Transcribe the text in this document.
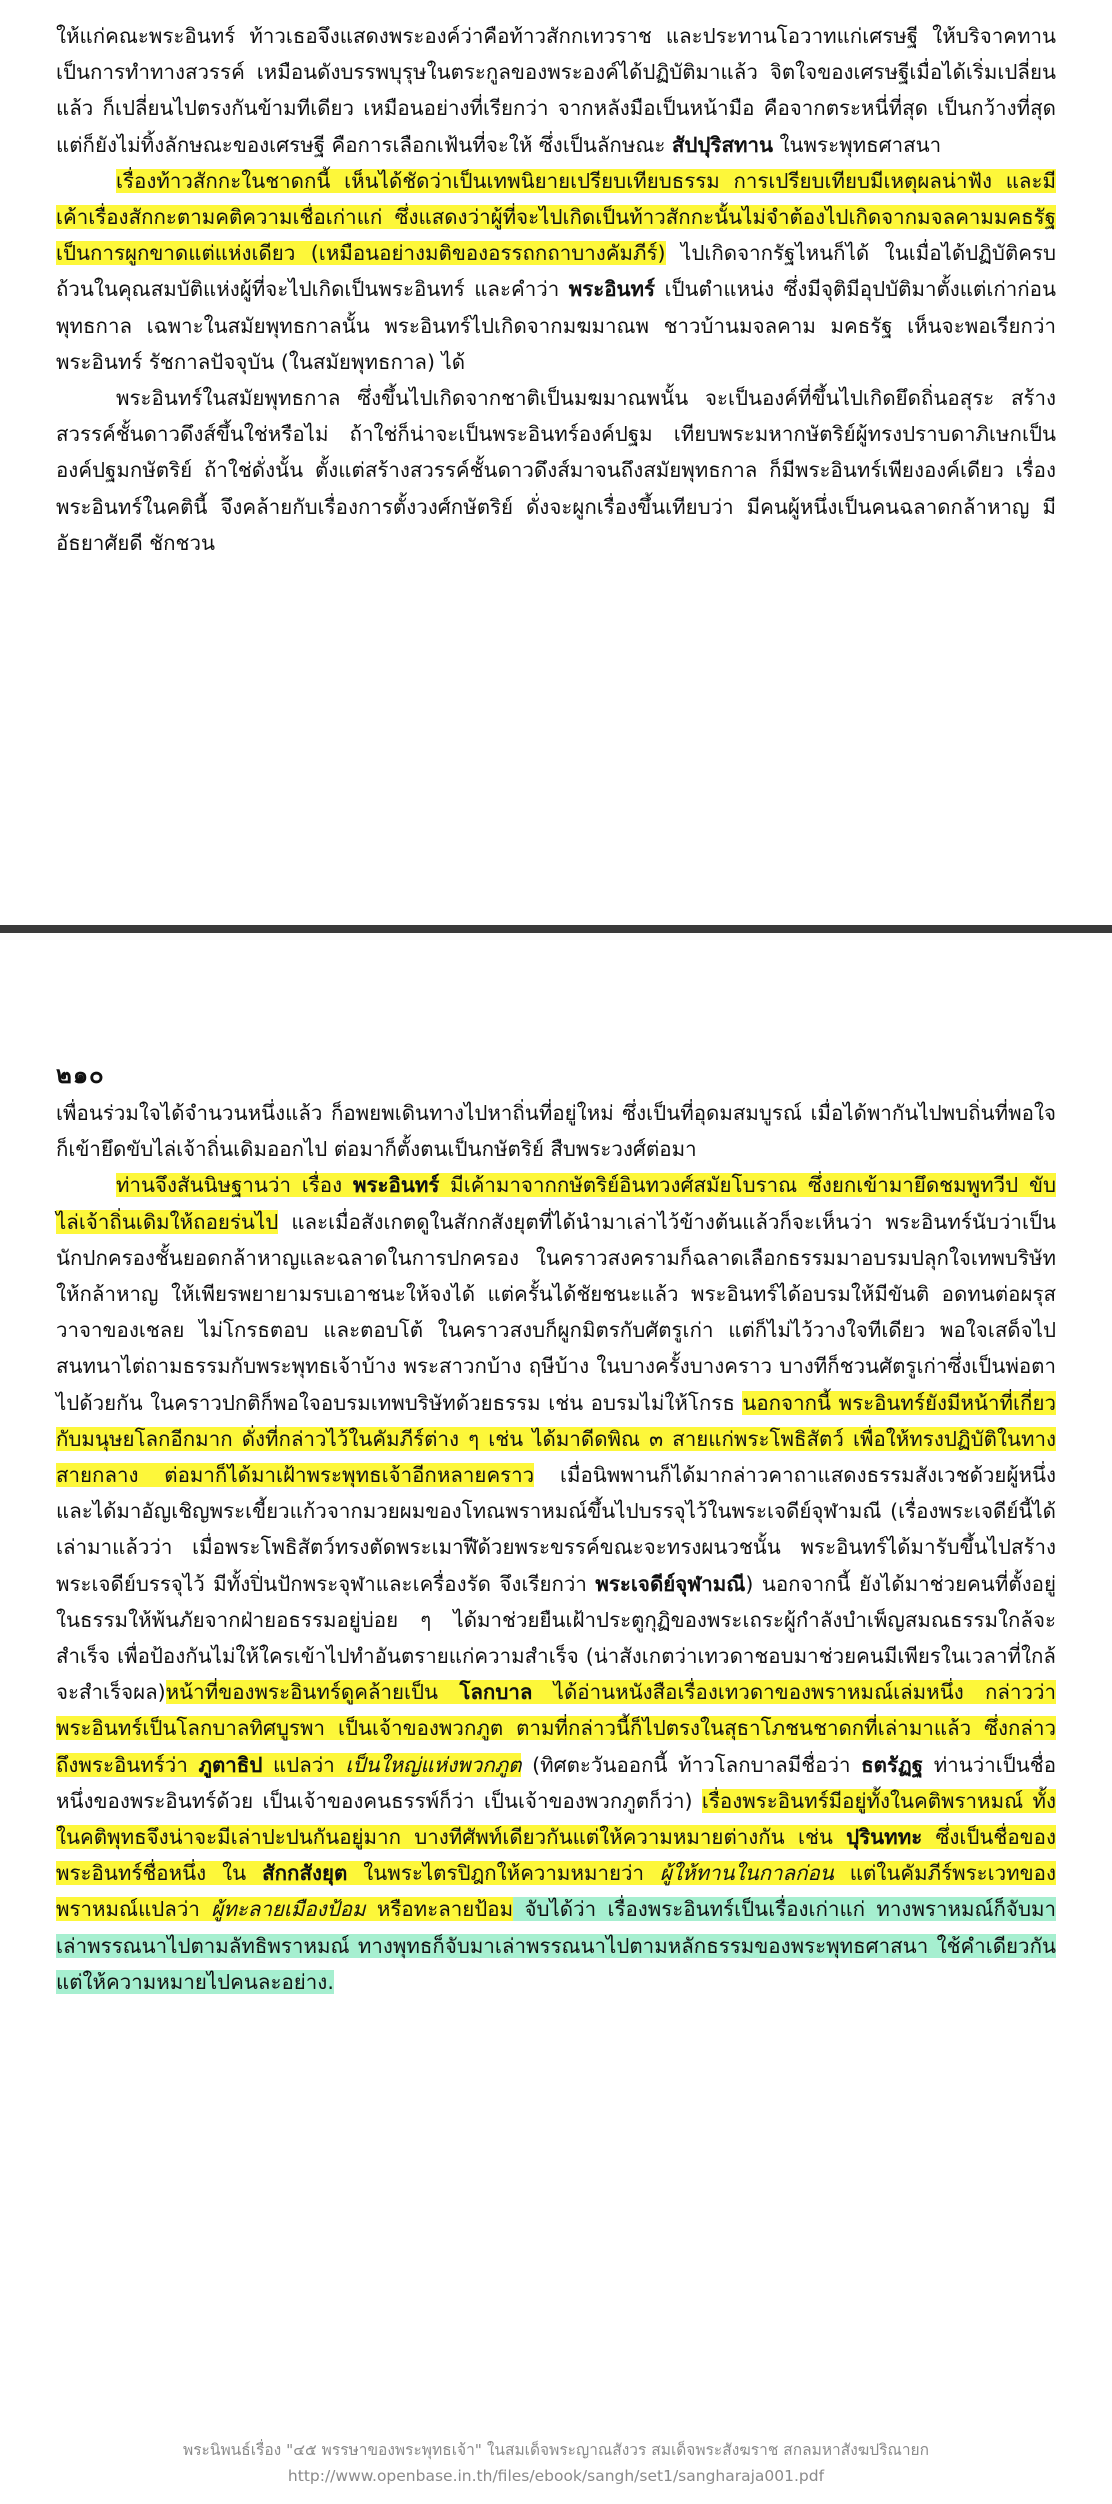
ให้แก่คณะพระอินทร์ ท้าวเธอจึงแสดงพระองค์ว่าคือท้าวสักกเทวราช และประทานโอวาทแก่เศรษฐี ให้บริจาคทานเป็นการทำทางสวรรค์ เหมือนดังบรรพบุรุษในตระกูลของพระองค์ได้ปฏิบัติมาแล้ว จิตใจของเศรษฐีเมื่อได้เริ่มเปลี่ยนแล้ว ก็เปลี่ยนไปตรงกันข้ามทีเดียว เหมือนอย่างที่เรียกว่า จากหลังมือเป็นหน้ามือ คือจากตระหนี่ที่สุด เป็นกว้างที่สุด แต่ก็ยังไม่ทิ้งลักษณะของเศรษฐี คือการเลือกเฟ้นที่จะให้ ซึ่งเป็นลักษณะ สัปปุริสทาน ในพระพุทธศาสนา

เรื่องท้าวสักกะในชาดกนี้ เห็นได้ชัดว่าเป็นเทพนิยายเปรียบเทียบธรรม การเปรียบเทียบมีเหตุผลน่าฟัง และมีเค้าเรื่องสักกะตามคติความเชื่อเก่าแก่ ซึ่งแสดงว่าผู้ที่จะไปเกิดเป็นท้าวสักกะนั้นไม่จำต้องไปเกิดจากมจลคามมคธรัฐ เป็นการผูกขาดแต่แห่งเดียว (เหมือนอย่างมติของอรรถกถาบางคัมภีร์) ไปเกิดจากรัฐไหนก็ได้ ในเมื่อได้ปฏิบัติครบถ้วนในคุณสมบัติแห่งผู้ที่จะไปเกิดเป็นพระอินทร์ และคำว่า พระอินทร์ เป็นตำแหน่ง ซึ่งมีจุติมีอุปบัติมาตั้งแต่เก่าก่อนพุทธกาล เฉพาะในสมัยพุทธกาลนั้น พระอินทร์ไปเกิดจากมฆมาณพ ชาวบ้านมจลคาม มคธรัฐ เห็นจะพอเรียกว่าพระอินทร์ รัชกาลปัจจุบัน (ในสมัยพุทธกาล) ได้

พระอินทร์ในสมัยพุทธกาล ซึ่งขึ้นไปเกิดจากชาติเป็นมฆมาณพนั้น จะเป็นองค์ที่ขึ้นไปเกิดยึดถิ่นอสุระ สร้างสวรรค์ชั้นดาวดึงส์ขึ้นใช่หรือไม่ ถ้าใช่ก็น่าจะเป็นพระอินทร์องค์ปฐม เทียบพระมหากษัตริย์ผู้ทรงปราบดาภิเษกเป็นองค์ปฐมกษัตริย์ ถ้าใช่ดั่งนั้น ตั้งแต่สร้างสวรรค์ชั้นดาวดึงส์มาจนถึงสมัยพุทธกาล ก็มีพระอินทร์เพียงองค์เดียว เรื่องพระอินทร์ในคตินี้ จึงคล้ายกับเรื่องการตั้งวงศ์กษัตริย์ ดั่งจะผูกเรื่องขึ้นเทียบว่า มีคนผู้หนึ่งเป็นคนฉลาดกล้าหาญ มีอัธยาศัยดี ชักชวน

๒๑๐

เพื่อนร่วมใจได้จำนวนหนึ่งแล้ว ก็อพยพเดินทางไปหาถิ่นที่อยู่ใหม่ ซึ่งเป็นที่อุดมสมบูรณ์ เมื่อได้พากันไปพบถิ่นที่พอใจ ก็เข้ายึดขับไล่เจ้าถิ่นเดิมออกไป ต่อมาก็ตั้งตนเป็นกษัตริย์ สืบพระวงศ์ต่อมา

ท่านจึงสันนิษฐานว่า เรื่อง พระอินทร์ มีเค้ามาจากกษัตริย์อินทวงศ์สมัยโบราณ ซึ่งยกเข้ามายึดชมพูทวีป ขับไล่เจ้าถิ่นเดิมให้ถอยร่นไป และเมื่อสังเกตดูในสักกสังยุตที่ได้นำมาเล่าไว้ข้างต้นแล้วก็จะเห็นว่า พระอินทร์นับว่าเป็นนักปกครองชั้นยอดกล้าหาญและฉลาดในการปกครอง ในคราวสงครามก็ฉลาดเลือกธรรมมาอบรมปลุกใจเทพบริษัทให้กล้าหาญ ให้เพียรพยายามรบเอาชนะให้จงได้ แต่ครั้นได้ชัยชนะแล้ว พระอินทร์ได้อบรมให้มีขันติ อดทนต่อผรุสวาจาของเชลย ไม่โกรธตอบ และตอบโต้ ในคราวสงบก็ผูกมิตรกับศัตรูเก่า แต่ก็ไม่ไว้วางใจทีเดียว พอใจเสด็จไปสนทนาไต่ถามธรรมกับพระพุทธเจ้าบ้าง พระสาวกบ้าง ฤษีบ้าง ในบางครั้งบางคราว บางทีก็ชวนศัตรูเก่าซึ่งเป็นพ่อตาไปด้วยกัน ในคราวปกติก็พอใจอบรมเทพบริษัทด้วยธรรม เช่น อบรมไม่ให้โกรธ นอกจากนี้ พระอินทร์ยังมีหน้าที่เกี่ยวกับมนุษยโลกอีกมาก ดั่งที่กล่าวไว้ในคัมภีร์ต่าง ๆ เช่น ได้มาดีดพิณ ๓ สายแก่พระโพธิสัตว์ เพื่อให้ทรงปฏิบัติในทางสายกลาง ต่อมาก็ได้มาเฝ้าพระพุทธเจ้าอีกหลายคราว เมื่อนิพพานก็ได้มากล่าวคาถาแสดงธรรมสังเวชด้วยผู้หนึ่ง และได้มาอัญเชิญพระเขี้ยวแก้วจากมวยผมของโทณพราหมณ์ขึ้นไปบรรจุไว้ในพระเจดีย์จุฬามณี (เรื่องพระเจดีย์นี้ได้เล่ามาแล้วว่า เมื่อพระโพธิสัตว์ทรงตัดพระเมาฬีด้วยพระขรรค์ขณะจะทรงผนวชนั้น พระอินทร์ได้มารับขึ้นไปสร้างพระเจดีย์บรรจุไว้ มีทั้งปิ่นปักพระจุฬาและเครื่องรัด จึงเรียกว่า พระเจดีย์จุฬามณี) นอกจากนี้ ยังได้มาช่วยคนที่ตั้งอยู่ในธรรมให้พ้นภัยจากฝ่ายอธรรมอยู่บ่อย ๆ ได้มาช่วยยืนเฝ้าประตูกุฏิของพระเถระผู้กำลังบำเพ็ญสมณธรรมใกล้จะสำเร็จ เพื่อป้องกันไม่ให้ใครเข้าไปทำอันตรายแก่ความสำเร็จ (น่าสังเกตว่าเทวดาชอบมาช่วยคนมีเพียรในเวลาที่ใกล้จะสำเร็จผล)หน้าที่ของพระอินทร์ดูคล้ายเป็น โลกบาล ได้อ่านหนังสือเรื่องเทวดาของพราหมณ์เล่มหนึ่ง กล่าวว่า พระอินทร์เป็นโลกบาลทิศบูรพา เป็นเจ้าของพวกภูต ตามที่กล่าวนี้ก็ไปตรงในสุธาโภชนชาดกที่เล่ามาแล้ว ซึ่งกล่าวถึงพระอินทร์ว่า ภูตาธิป แปลว่า เป็นใหญ่แห่งพวกภูต (ทิศตะวันออกนี้ ท้าวโลกบาลมีชื่อว่า ธตรัฏฐ ท่านว่าเป็นชื่อหนึ่งของพระอินทร์ด้วย เป็นเจ้าของคนธรรพ์ก็ว่า เป็นเจ้าของพวกภูตก็ว่า) เรื่องพระอินทร์มีอยู่ทั้งในคติพราหมณ์ ทั้งในคติพุทธจึงน่าจะมีเล่าปะปนกันอยู่มาก บางทีศัพท์เดียวกันแต่ให้ความหมายต่างกัน เช่น ปุรินททะ ซึ่งเป็นชื่อของพระอินทร์ชื่อหนึ่ง ใน สักกสังยุต ในพระไตรปิฎกให้ความหมายว่า ผู้ให้ทานในกาลก่อน แต่ในคัมภีร์พระเวทของพราหมณ์แปลว่า ผู้ทะลายเมืองป้อม หรือทะลายป้อม จับได้ว่า เรื่องพระอินทร์เป็นเรื่องเก่าแก่ ทางพราหมณ์ก็จับมาเล่าพรรณนาไปตามลัทธิพราหมณ์ ทางพุทธก็จับมาเล่าพรรณนาไปตามหลักธรรมของพระพุทธศาสนา ใช้คำเดียวกันแต่ให้ความหมายไปคนละอย่าง.

พระนิพนธ์เรื่อง "๔๕ พรรษาของพระพุทธเจ้า" ในสมเด็จพระญาณสังวร สมเด็จพระสังฆราช สกลมหาสังฆปริณายก
http://www.openbase.in.th/files/ebook/sangh/set1/sangharaja001.pdf
